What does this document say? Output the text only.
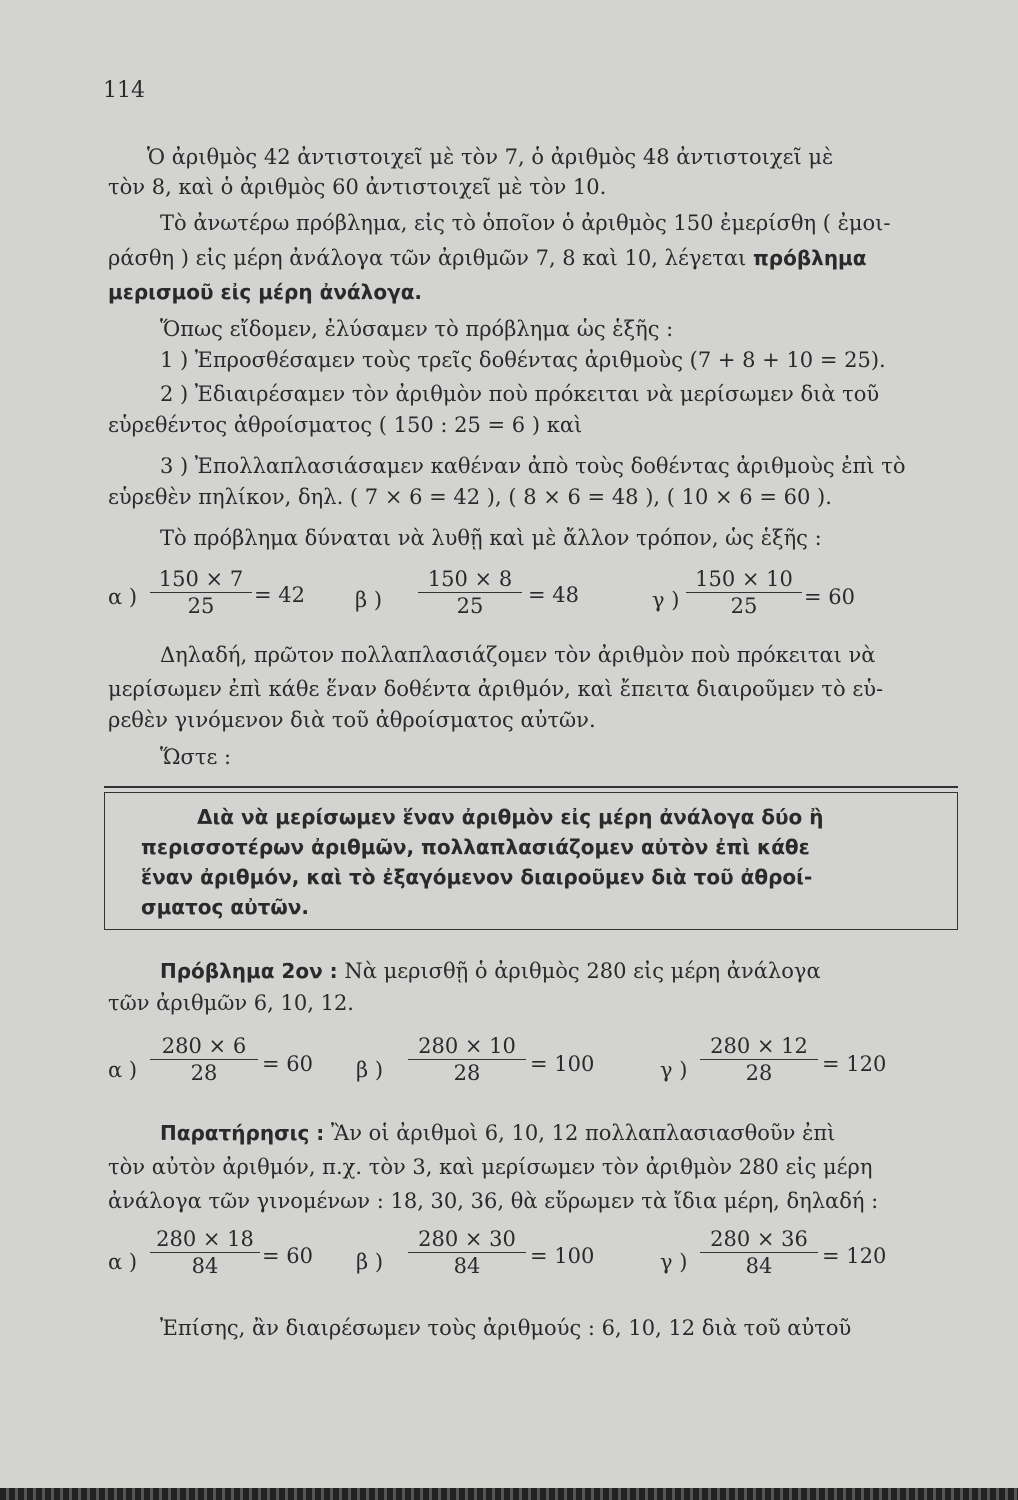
114
Ὁ ἀριθμὸς 42 ἀντιστοιχεῖ μὲ τὸν 7, ὁ ἀριθμὸς 48 ἀντιστοιχεῖ μὲ
τὸν 8, καὶ ὁ ἀριθμὸς 60 ἀντιστοιχεῖ μὲ τὸν 10.
Τὸ ἀνωτέρω πρόβλημα, εἰς τὸ ὁποῖον ὁ ἀριθμὸς 150 ἐμερίσθη ( ἐμοι-
ράσθη ) εἰς μέρη ἀνάλογα τῶν ἀριθμῶν 7, 8 καὶ 10, λέγεται πρόβλημα
μερισμοῦ εἰς μέρη ἀνάλογα.
Ὅπως εἴδομεν, ἐλύσαμεν τὸ πρόβλημα ὡς ἑξῆς :
1 ) Ἐπροσθέσαμεν τοὺς τρεῖς δοθέντας ἀριθμοὺς (7 + 8 + 10 = 25).
2 ) Ἐδιαιρέσαμεν τὸν ἀριθμὸν ποὺ πρόκειται νὰ μερίσωμεν διὰ τοῦ
εὑρεθέντος ἀθροίσματος ( 150 : 25 = 6 ) καὶ
3 ) Ἐπολλαπλασιάσαμεν καθέναν ἀπὸ τοὺς δοθέντας ἀριθμοὺς ἐπὶ τὸ
εὑρεθὲν πηλίκον, δηλ. ( 7 × 6 = 42 ), ( 8 × 6 = 48 ), ( 10 × 6 = 60 ).
Τὸ πρόβλημα δύναται νὰ λυθῇ καὶ μὲ ἄλλον τρόπον, ὡς ἑξῆς :
α ) $\frac{150 \times 7}{25} = 42$ β ) $\frac{150 \times 8}{25} = 48$	γ ) $\frac{150 \times 10}{25} = 60$
Δηλαδή, πρῶτον πολλαπλασιάζομεν τὸν ἀριθμὸν ποὺ πρόκειται νὰ
μερίσωμεν ἐπὶ κάθε ἕναν δοθέντα ἀριθμόν, καὶ ἔπειτα διαιροῦμεν τὸ εὑ-
ρεθὲν γινόμενον διὰ τοῦ ἀθροίσματος αὐτῶν.
Ὥστε :
Διὰ νὰ μερίσωμεν ἕναν ἀριθμὸν εἰς μέρη ἀνάλογα δύο ἢ
περισσοτέρων ἀριθμῶν, πολλαπλασιάζομεν αὐτὸν ἐπὶ κάθε
ἕναν ἀριθμόν, καὶ τὸ ἐξαγόμενον διαιροῦμεν διὰ τοῦ ἀθροί-
σματος αὐτῶν.
Πρόβλημα 2ον : Νὰ μερισθῇ ὁ ἀριθμὸς 280 εἰς μέρη ἀνάλογα
τῶν ἀριθμῶν 6, 10, 12.
α ) $\frac{280 \times 6}{28} = 60$ β ) $\frac{280 \times 10}{28} = 100$	γ ) $\frac{280 \times 12}{28} = 120$
Παρατήρησις : Ἂν οἱ ἀριθμοὶ 6, 10, 12 πολλαπλασιασθοῦν ἐπὶ
τὸν αὐτὸν ἀριθμόν, π.χ. τὸν 3, καὶ μερίσωμεν τὸν ἀριθμὸν 280 εἰς μέρη
ἀνάλογα τῶν γινομένων : 18, 30, 36, θὰ εὕρωμεν τὰ ἴδια μέρη, δηλαδή :
α ) $\frac{280 \times 18}{84} = 60$ β ) $\frac{280 \times 30}{84} = 100$	γ ) $\frac{280 \times 36}{84} = 120$
Ἐπίσης, ἂν διαιρέσωμεν τοὺς ἀριθμούς : 6, 10, 12 διὰ τοῦ αὐτοῦ
